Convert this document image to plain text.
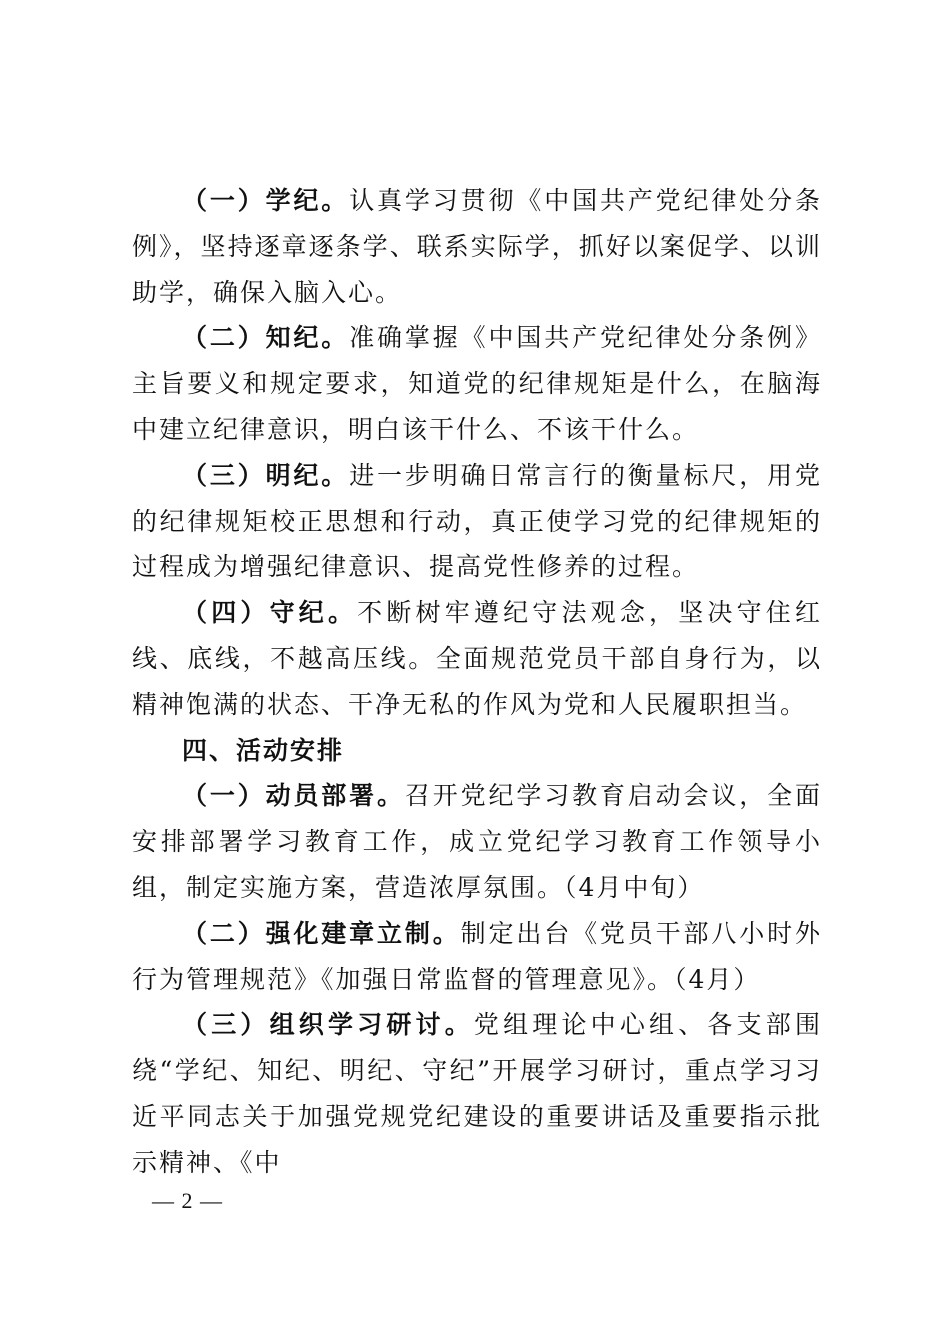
（一）学纪。认真学习贯彻《中国共产党纪律处分条例》，坚持逐章逐条学、联系实际学，抓好以案促学、以训助学，确保入脑入心。

（二）知纪。准确掌握《中国共产党纪律处分条例》主旨要义和规定要求，知道党的纪律规矩是什么，在脑海中建立纪律意识，明白该干什么、不该干什么。

（三）明纪。进一步明确日常言行的衡量标尺，用党的纪律规矩校正思想和行动，真正使学习党的纪律规矩的过程成为增强纪律意识、提高党性修养的过程。

（四）守纪。不断树牢遵纪守法观念，坚决守住红线、底线，不越高压线。全面规范党员干部自身行为，以精神饱满的状态、干净无私的作风为党和人民履职担当。

四、活动安排

（一）动员部署。召开党纪学习教育启动会议，全面安排部署学习教育工作，成立党纪学习教育工作领导小组，制定实施方案，营造浓厚氛围。（4月中旬）

（二）强化建章立制。制定出台《党员干部八小时外行为管理规范》《加强日常监督的管理意见》。（4月）

（三）组织学习研讨。党组理论中心组、各支部围绕“学纪、知纪、明纪、守纪”开展学习研讨，重点学习习近平同志关于加强党规党纪建设的重要讲话及重要指示批示精神、《中

— 2 —
